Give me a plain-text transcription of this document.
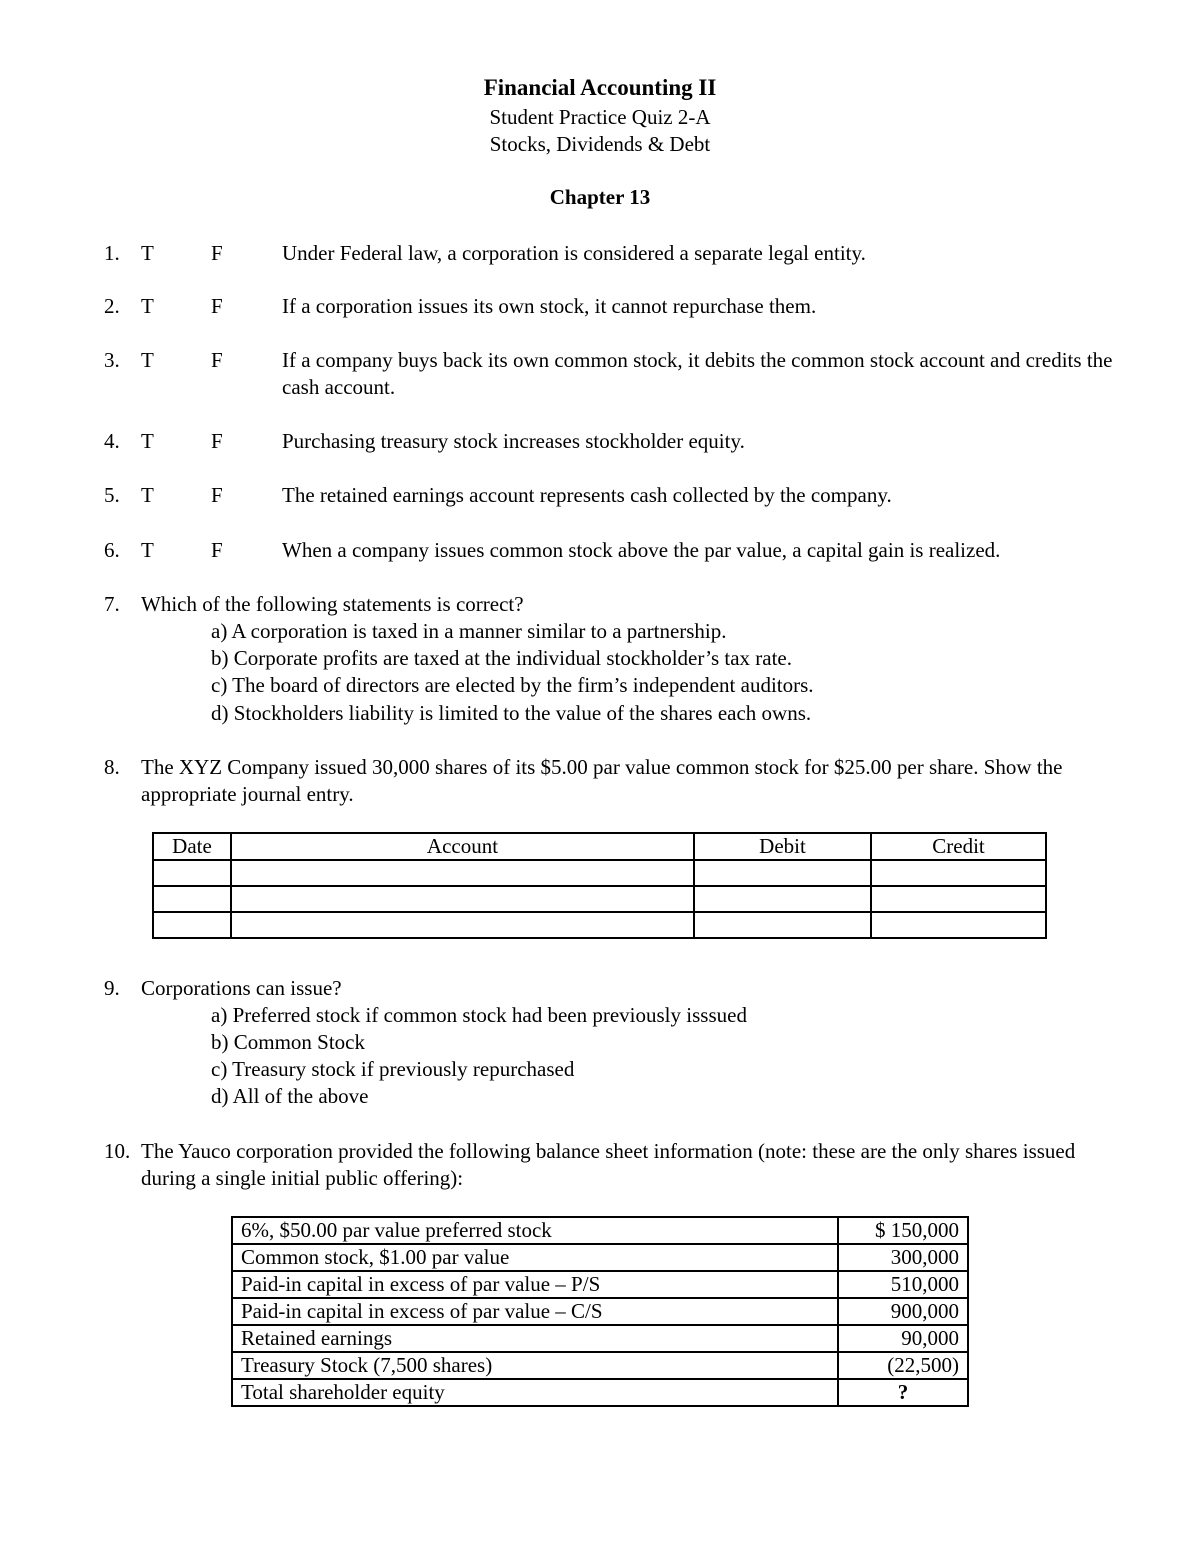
Financial Accounting II
Student Practice Quiz 2-A
Stocks, Dividends & Debt
Chapter 13
1. T	F	Under Federal law, a corporation is considered a separate legal entity.
2. T	F	If a corporation issues its own stock, it cannot repurchase them.
3. T	F	If a company buys back its own common stock, it debits the common stock account and credits the cash account.
4. T	F	Purchasing treasury stock increases stockholder equity.
5. T	F	The retained earnings account represents cash collected by the company.
6. T	F	When a company issues common stock above the par value, a capital gain is realized.
7. Which of the following statements is correct?
a) A corporation is taxed in a manner similar to a partnership.
b) Corporate profits are taxed at the individual stockholder’s tax rate.
c) The board of directors are elected by the firm’s independent auditors.
d) Stockholders liability is limited to the value of the shares each owns.
8. The XYZ Company issued 30,000 shares of its $5.00 par value common stock for $25.00 per share. Show the appropriate journal entry.
Date	Account	Debit	Credit

9. Corporations can issue?
a) Preferred stock if common stock had been previously isssued
b) Common Stock
c) Treasury stock if previously repurchased
d) All of the above
10. The Yauco corporation provided the following balance sheet information (note: these are the only shares issued during a single initial public offering):
6%, $50.00 par value preferred stock	$ 150,000
Common stock, $1.00 par value	300,000
Paid-in capital in excess of par value – P/S	510,000
Paid-in capital in excess of par value – C/S	900,000
Retained earnings	90,000
Treasury Stock (7,500 shares)	(22,500)
Total shareholder equity	?
